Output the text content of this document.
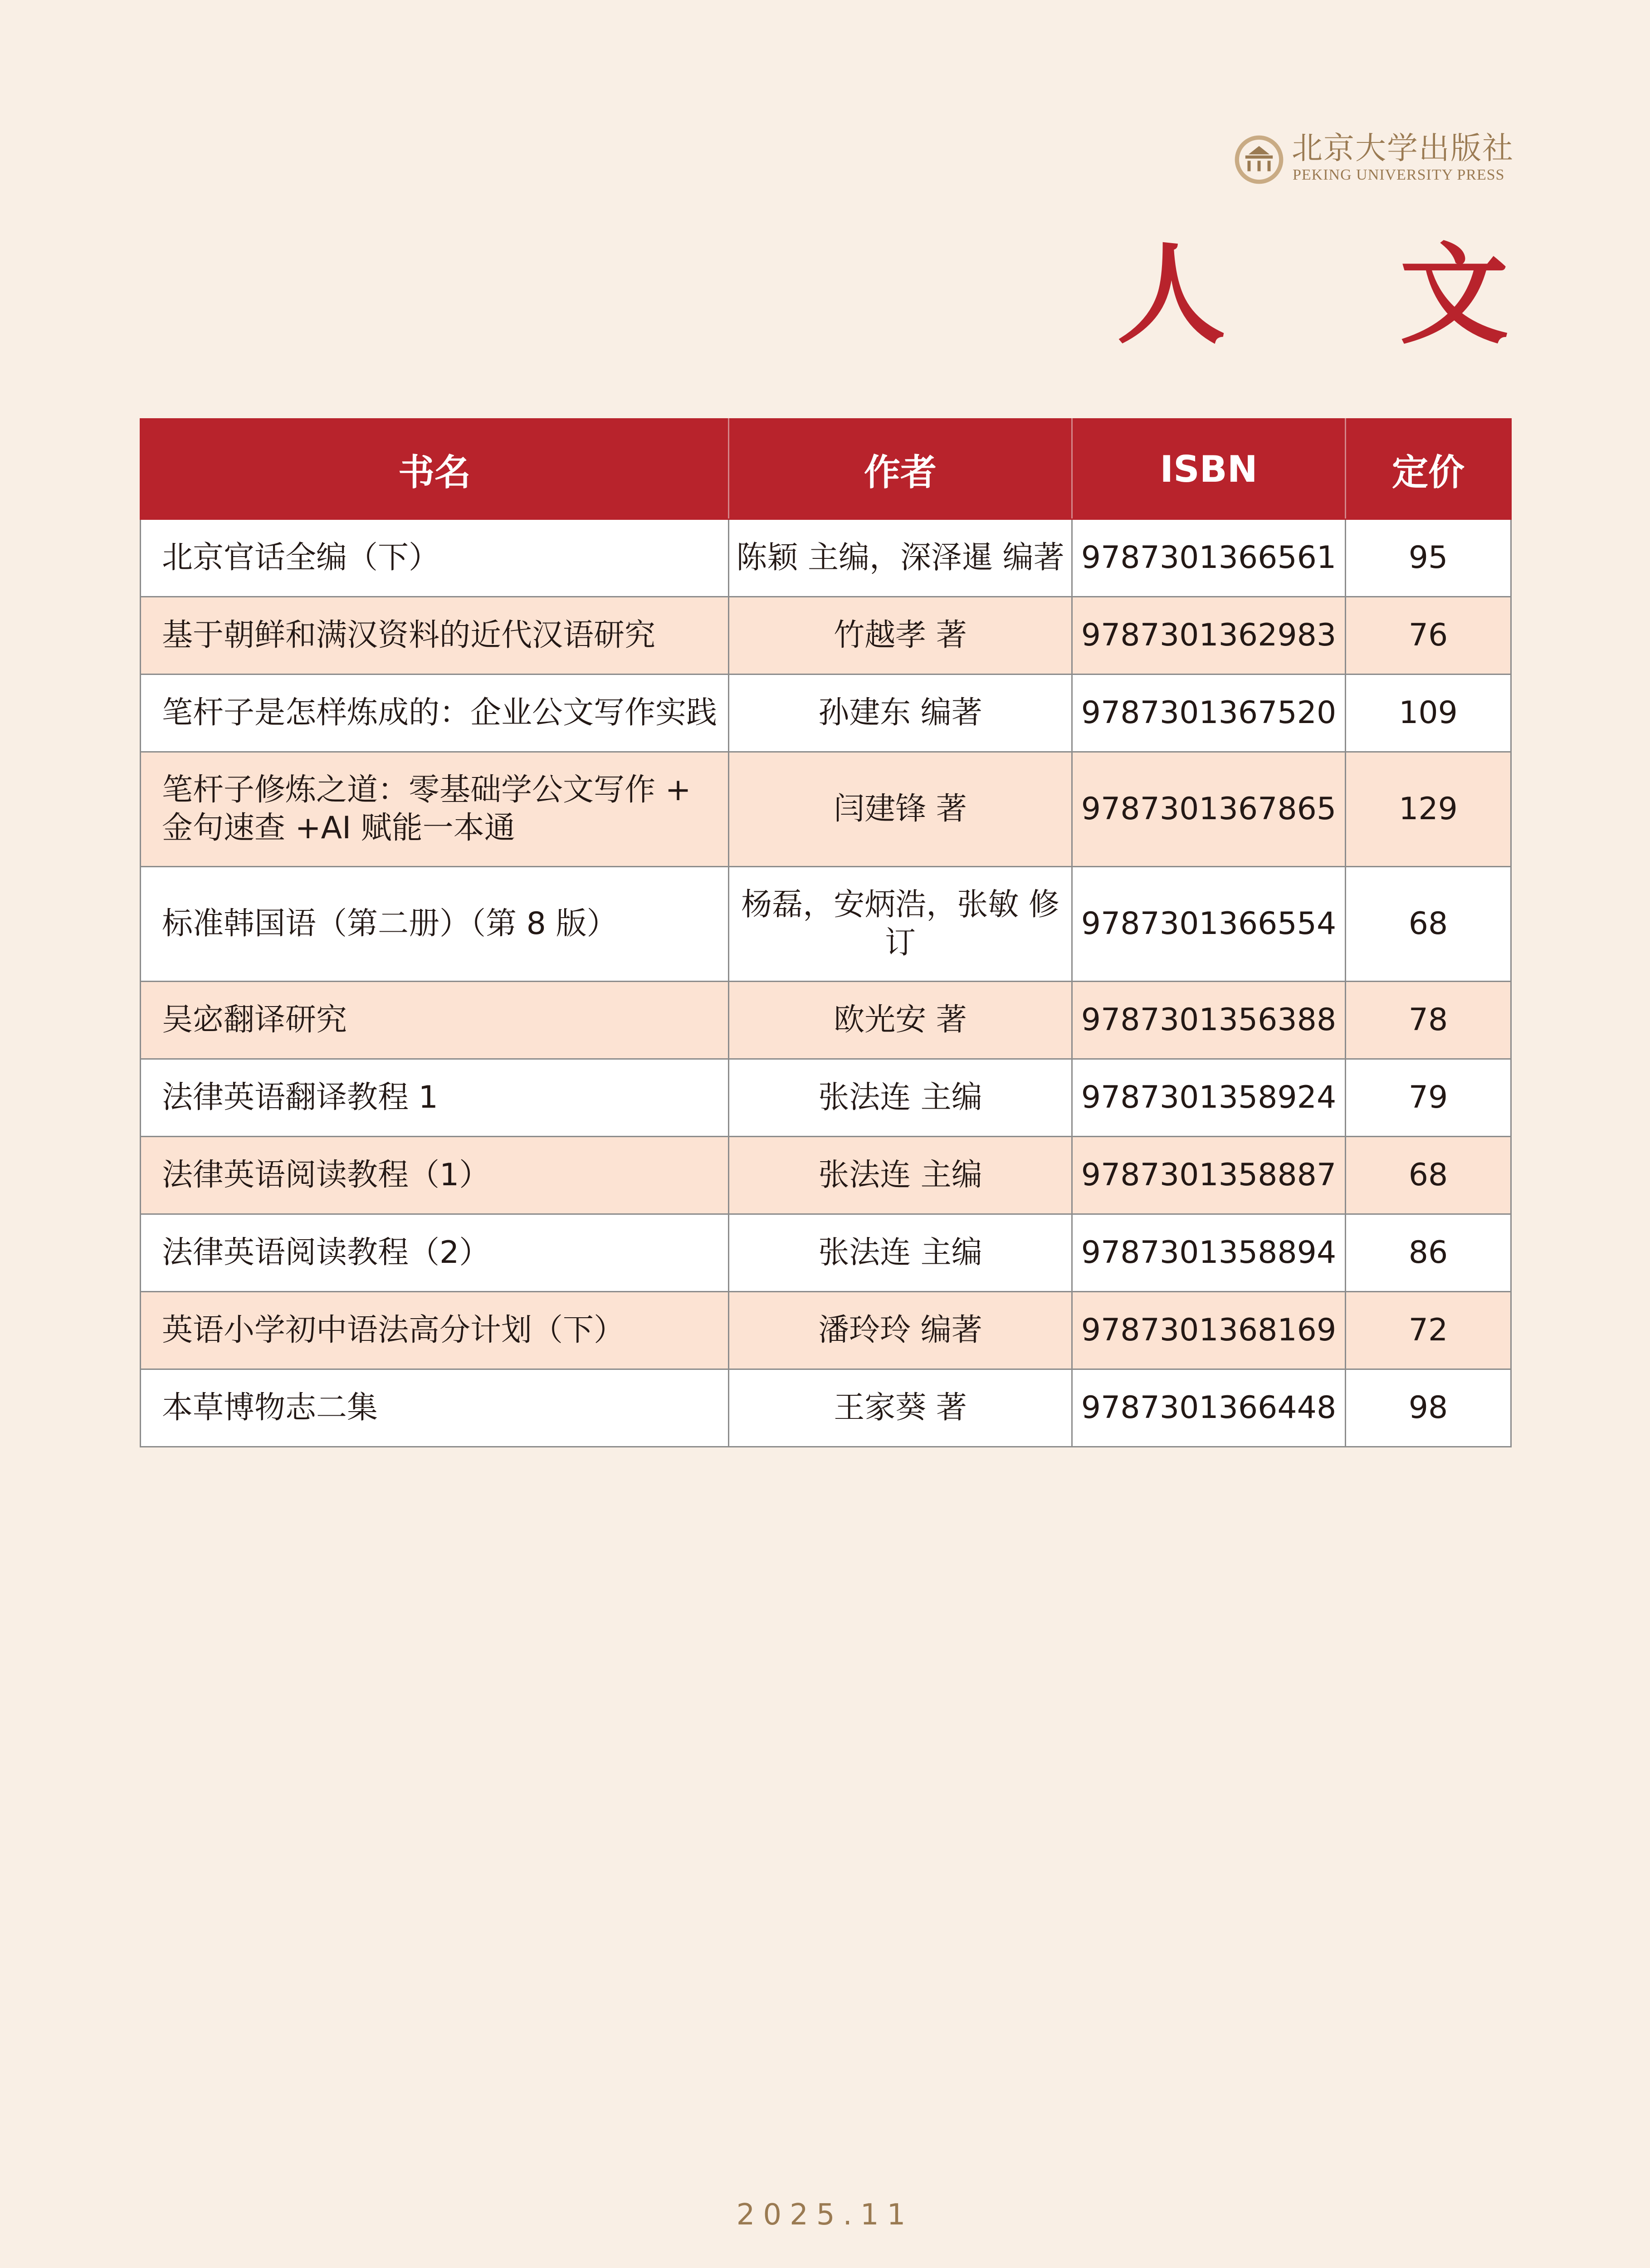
北京大学出版社
PEKING UNIVERSITY PRESS
人 文
书名	作者	ISBN	定价
北京官话全编（下）	陈颖 主编，深泽暹 编著	9787301366561	95
基于朝鲜和满汉资料的近代汉语研究	竹越孝 著	9787301362983	76
笔杆子是怎样炼成的：企业公文写作实践	孙建东 编著	9787301367520	109
笔杆子修炼之道：零基础学公文写作 + 金句速查 +AI 赋能一本通	闫建锋 著	9787301367865	129
标准韩国语（第二册）（第 8 版）	杨磊，安炳浩，张敏 修订	9787301366554	68
吴宓翻译研究	欧光安 著	9787301356388	78
法律英语翻译教程 1	张法连 主编	9787301358924	79
法律英语阅读教程（1）	张法连 主编	9787301358887	68
法律英语阅读教程（2）	张法连 主编	9787301358894	86
英语小学初中语法高分计划（下）	潘玲玲 编著	9787301368169	72
本草博物志二集	王家葵 著	9787301366448	98
2025.11
